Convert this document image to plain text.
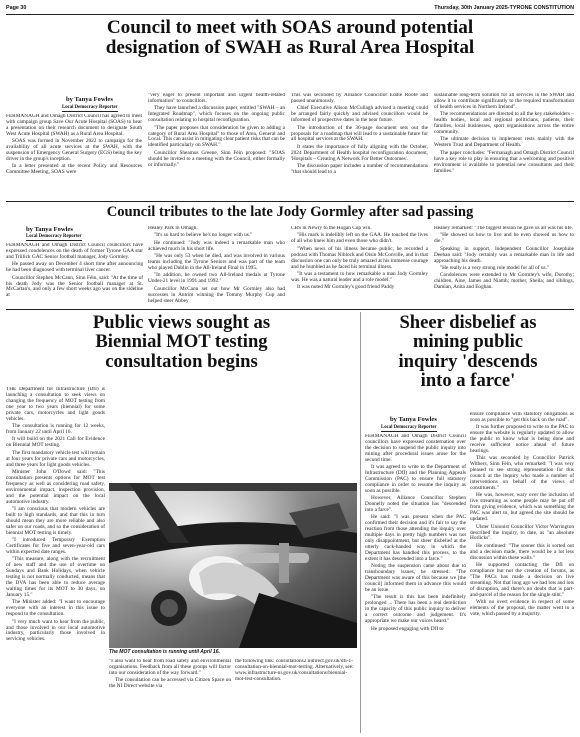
Page 30	Thursday, 30th January 2025-TYRONE CONSTITUTION
Council to meet with SOAS around potential
designation of SWAH as Rural Area Hospital
by Tanya Fowles
Local Democracy Reporter

FERMANAGH and Omagh District Council has agreed to meet with campaign group Save Our Acute Hospital (SOAS) to hear a presentation on their research document to designate South West Acute Hospital (SWAH) as a Rural Area Hospital.

SOAS was formed in November 2022 to campaign for the availability of all acute services at the SWAH, with the suspension of Emergency General Surgery (EGS) being the key driver in the group's inception.

In a letter presented at the recent Policy and Resources Committee Meeting, SOAS were

"very eager to present important and urgent health-related information" to councillors.

They have launched a discussion paper, entitled "SWAH – an Integrated Roadmap", which focuses on the ongoing public consultation relating to hospital reconfiguration.

"The paper proposes that consideration be given to adding a category of Rural Area Hospital" to those of Area, General and Local. This can assist in mitigating clear patient risks that can be identified particularly on SWAH."

Councillor Sheamus Greene, Sinn Féin proposed: "SOAS should be invited to a meeting with the Council, either formally or informally."

This was seconded by Alliance Councillor Eddie Roofe and passed unanimously.

Chief Executive Alison McCullagh advised a meeting could be arranged fairly quickly and advised councillors would be informed of prospective dates in the near future.

The introduction of the 36-page document sets out the proposals for a roadmap that will lead to a sustainable future for all hospital services at the SWAH.

It states the importance of fully aligning with the October, 2024 Department of Health hospital reconfiguration document, 'Hospitals – Creating A Network For Better Outcomes'.

The discussion paper includes a number of recommendations "that should lead to a

sustainable long-term solution for all services in the SWAH and allow it to contribute significantly to the required transformation of health services in Northern Ireland".

The recommendations are directed to all the key stakeholders – health bodies, local and regional politicians, patients, their families, local businesses, sport organisations across the entire community.

The ultimate decision to implement rests mainly with the Western Trust and Department of Health.

The paper concludes: "Fermanagh and Omagh District Council have a key role to play in ensuring that a welcoming and positive environment is available to potential new consultants and their families."

Council tributes to the late Jody Gormley after sad passing
by Tanya Fowles
Local Democracy Reporter

FERMANAGH and Omagh District Council councillors have expressed condolences on the death of former Tyrone GAA star and Trillick GAC Senior football manager, Jody Gormley.

He passed away on December 4 short time after announcing he had been diagnosed with terminal liver cancer.

Councillor Stephen McCann, Sinn Féin, said: "At the time of his death Jody was the Senior football manager at St. McCartan's, and only a few short weeks ago was on the sideline at

Healey Park in Omagh.

"It's so hard to believe he's no longer with us."

He continued: "Jody was indeed a remarkable man who achieved much in his short life.

"He was only 53 when he died, and was involved in various teams including the Tyrone Seniors and was part of the team who played Dublin in the All-Ireland Final in 1995.

"In addition, he owned two All-Ireland medals at Tyrone Under-21 level in 1991 and 1992."

Councillor McCann set out how Mr Gormley also had successes in Antrim winning the Tommy Murphy Cup and helped steer Abbey

CBS in Newry to the Hogan Cup win.

"His mark is indelibly left on the GAA. He touched the lives of all who knew him and even those who didn't.

"When news of his illness became public, he recorded a podcast with Thomas Niblock and Oisin McConville, and in that discussion one can only be truly amazed at his immense courage and he humbled as he faced his terminal illness.

"It was a testament to how remarkable a man Jody Gormley was. He was a natural leader and a role model."

It was noted Mr Gormley's good friend Paddy

Heaney remarked: "The biggest lesson he gave us all was his life.

"He showed us how to live and he even showed us how to die."

Speaking in support, Independent Councillor Josephine Deehan said: "Jody certainly was a remarkable man in life and approaching his death.

"He really is a very strong role model for all of us."

Condolences were extended to Mr Gormley's wife, Dorothy; children, Aine, James and Niamh; mother, Sheila; and siblings, Damian, Anita and Eoghan.

Public views sought as
Biennial MOT testing
consultation begins

THE Department for Infrastructure (DfI) is launching a consultation to seek views on changing the frequency of MOT testing from one year to two years (biennial) for some private cars, motorcycles and light goods vehicles.

The consultation is running for 12 weeks, from January 22 until April 16.

It will build on the 2021 Call for Evidence on Biennial MOT testing.

The first mandatory vehicle test will remain at four years for private cars and motorcycles, and three years for light goods vehicles.

Minister John O'Dowd said: "This consultation presents options for MOT test frequency as well as considering road safety, environmental impact, inspection provision, and the potential impact on the local automotive industry.

"I am conscious that modern vehicles are built to high standards, and that this in turn should mean they are more reliable and also safer on our roads, and so the consideration of biennial MOT testing is timely.

"I introduced Temporary Exemption Certificates for five and seven-year-old cars within expected date ranges.

"This measure, along with the recruitment of new staff and the use of overtime on Sundays and Bank Holidays, when vehicle testing is not normally conducted, means that the DVA has been able to reduce average waiting times for its MOT to 30 days, on January 15."

The Minister added: "I want to encourage everyone with an interest in this issue to respond to the consultation.

"I very much want to hear from the public, and those involved in our local automotive industry, particularly those involved in servicing vehicles.

The MOT consultation is running until April 16.

"I also want to hear from road safety and environmental organisations. Feedback from all these groups will factor into our consideration of the way forward."

The consultation can be accessed via Citizen Space on the NI Direct website via

the following link: consultations2.nidirect.gov.uk/dfi-1-consultation-on-biennial-mot-testing. Alternatively, see: www.infrastructure-ni.gov.uk/consultations/biennial-mot-test-consultation.

Sheer disbelief as
mining public
inquiry 'descends
into a farce'
by Tanya Fowles
Local Democracy Reporter

FERMANAGH and Omagh District Council councillors have expressed consternation over the decision to suspend the public inquiry into mining after procedural issues arose for the second time.

It was agreed to write to the Department of Infrastructure (DfI) and the Planning Appeals Commission (PAC) to ensure full statutory compliance in order to resume the inquiry as soon as possible.

However, Alliance Councillor Stephen Donnelly noted the situation has "descended into a farce".

He said: "I was present when the PAC confirmed their decision and it's fair to say the reaction from those attending the inquiry over multiple days in pretty high numbers was not only disappointment, but sheer disbelief at the utterly cack-handed way in which the Department has handled this process, to the extent it has descended into a farce."

Noting the suspension came about due to transboundary issues, he stressed: "The Department was aware of this because we [the council] informed them in advance this would be an issue.

"The result is this has been indefinitely prolonged ... There has been a real dereliction in the capacity of this public inquiry to deliver a correct outcome and judgement. It's appropriate we make our voices heard."

He proposed engaging with DfI to

ensure compliance with statutory obligations as soon as possible to "get this back on the road".

It was further proposed to write to the PAC to ensure the website is regularly updated to allow the public to know what is being done and receive sufficient notice ahead of future hearings.

This was seconded by Councillor Patrick Withers, Sinn Féin, who remarked: "I was very pleased to see strong representation for this council at the inquiry who made a number of interventions on behalf of the views of constituents."

He was, however, wary over the inclusion of live streaming as some people may be put off from giving evidence, which was something the PAC was alert to, but agreed the site should be updated.

Ulster Unionist Councillor Victor Warrington described the inquiry, to date, as "an absolute Horlicks".

He continued: "The sooner this is sorted out and a decision made, there would be a lot less discussion within these walls."

He supported contacting the DfI on compliance but not the creation of forums, as "The PACs has made a decision on live streaming. Not that long ago we had lots and lots of disruption, and there's no doubt that is part-and-parcel of the reason for the single stint."

With no overt evidence in respect of some elements of the proposal, the matter went to a vote, which passed by a majority.
